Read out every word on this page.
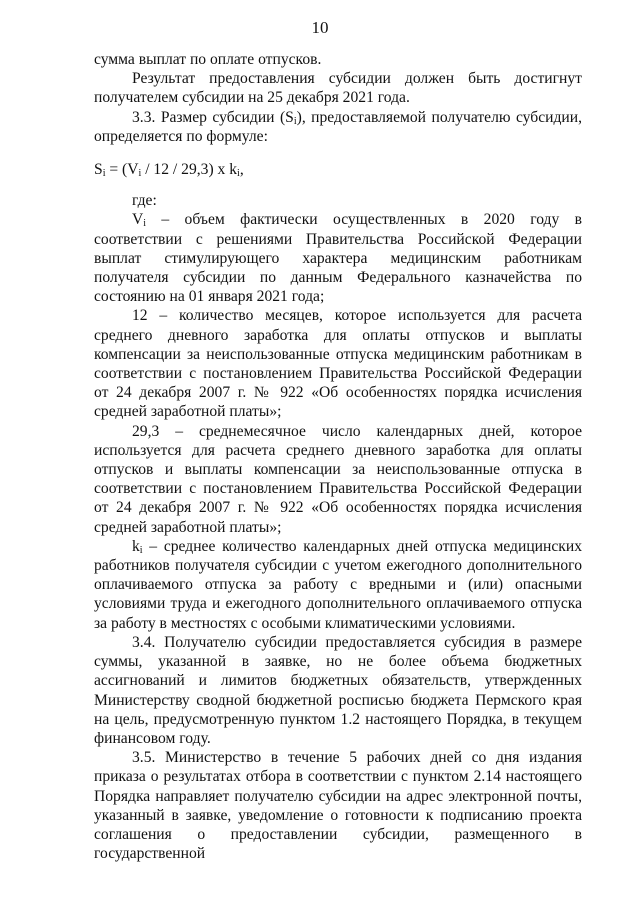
10

сумма выплат по оплате отпусков.

Результат предоставления субсидии должен быть достигнут получателем субсидии на 25 декабря 2021 года.

3.3. Размер субсидии $(S_i)$, предоставляемой получателю субсидии, определяется по формуле:

$S_i = (V_i / 12 / 29,3)$ x $k_i$,

где:

$V_i$ – объем фактически осуществленных в 2020 году в соответствии с решениями Правительства Российской Федерации выплат стимулирующего характера медицинским работникам получателя субсидии по данным Федерального казначейства по состоянию на 01 января 2021 года;

12 – количество месяцев, которое используется для расчета среднего дневного заработка для оплаты отпусков и выплаты компенсации за неиспользованные отпуска медицинским работникам в соответствии с постановлением Правительства Российской Федерации от 24 декабря 2007 г. № 922 «Об особенностях порядка исчисления средней заработной платы»;

29,3 – среднемесячное число календарных дней, которое используется для расчета среднего дневного заработка для оплаты отпусков и выплаты компенсации за неиспользованные отпуска в соответствии с постановлением Правительства Российской Федерации от 24 декабря 2007 г. № 922 «Об особенностях порядка исчисления средней заработной платы»;

$k_i$ – среднее количество календарных дней отпуска медицинских работников получателя субсидии с учетом ежегодного дополнительного оплачиваемого отпуска за работу с вредными и (или) опасными условиями труда и ежегодного дополнительного оплачиваемого отпуска за работу в местностях с особыми климатическими условиями.

3.4. Получателю субсидии предоставляется субсидия в размере суммы, указанной в заявке, но не более объема бюджетных ассигнований и лимитов бюджетных обязательств, утвержденных Министерству сводной бюджетной росписью бюджета Пермского края на цель, предусмотренную пунктом 1.2 настоящего Порядка, в текущем финансовом году.

3.5. Министерство в течение 5 рабочих дней со дня издания приказа о результатах отбора в соответствии с пунктом 2.14 настоящего Порядка направляет получателю субсидии на адрес электронной почты, указанный в заявке, уведомление о готовности к подписанию проекта соглашения о предоставлении субсидии, размещенного в государственной
